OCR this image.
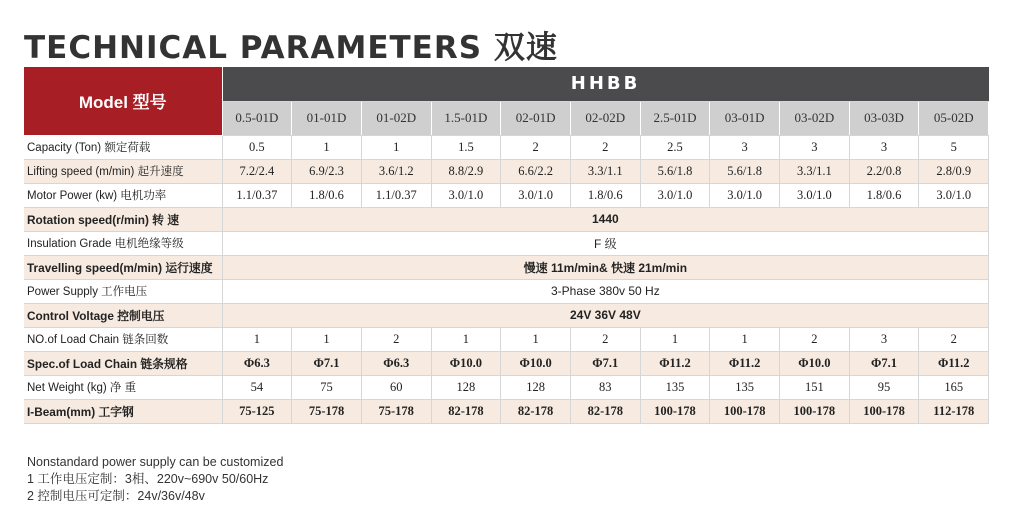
TECHNICAL PARAMETERS 双速
Model 型号	HHBB										
	0.5-01D	01-01D	01-02D	1.5-01D	02-01D	02-02D	2.5-01D	03-01D	03-02D	03-03D	05-02D
Capacity (Ton) 额定荷载	0.5	1	1	1.5	2	2	2.5	3	3	3	5
Lifting speed (m/min) 起升速度	7.2/2.4	6.9/2.3	3.6/1.2	8.8/2.9	6.6/2.2	3.3/1.1	5.6/1.8	5.6/1.8	3.3/1.1	2.2/0.8	2.8/0.9
Motor Power (kw) 电机功率	1.1/0.37	1.8/0.6	1.1/0.37	3.0/1.0	3.0/1.0	1.8/0.6	3.0/1.0	3.0/1.0	3.0/1.0	1.8/0.6	3.0/1.0
Rotation speed(r/min) 转 速	1440										
Insulation Grade 电机绝缘等级	F 级										
Travelling speed(m/min) 运行速度	慢速 11m/min& 快速 21m/min										
Power Supply 工作电压	3-Phase 380v 50 Hz										
Control Voltage 控制电压	24V 36V 48V										
NO.of Load Chain 链条回数	1	1	2	1	1	2	1	1	2	3	2
Spec.of Load Chain 链条规格	Φ6.3	Φ7.1	Φ6.3	Φ10.0	Φ10.0	Φ7.1	Φ11.2	Φ11.2	Φ10.0	Φ7.1	Φ11.2
Net Weight (kg) 净 重	54	75	60	128	128	83	135	135	151	95	165
I-Beam(mm) 工字钢	75-125	75-178	75-178	82-178	82-178	82-178	100-178	100-178	100-178	100-178	112-178
Nonstandard power supply can be customized
1 工作电压定制：3相、220v~690v 50/60Hz
2 控制电压可定制：24v/36v/48v
